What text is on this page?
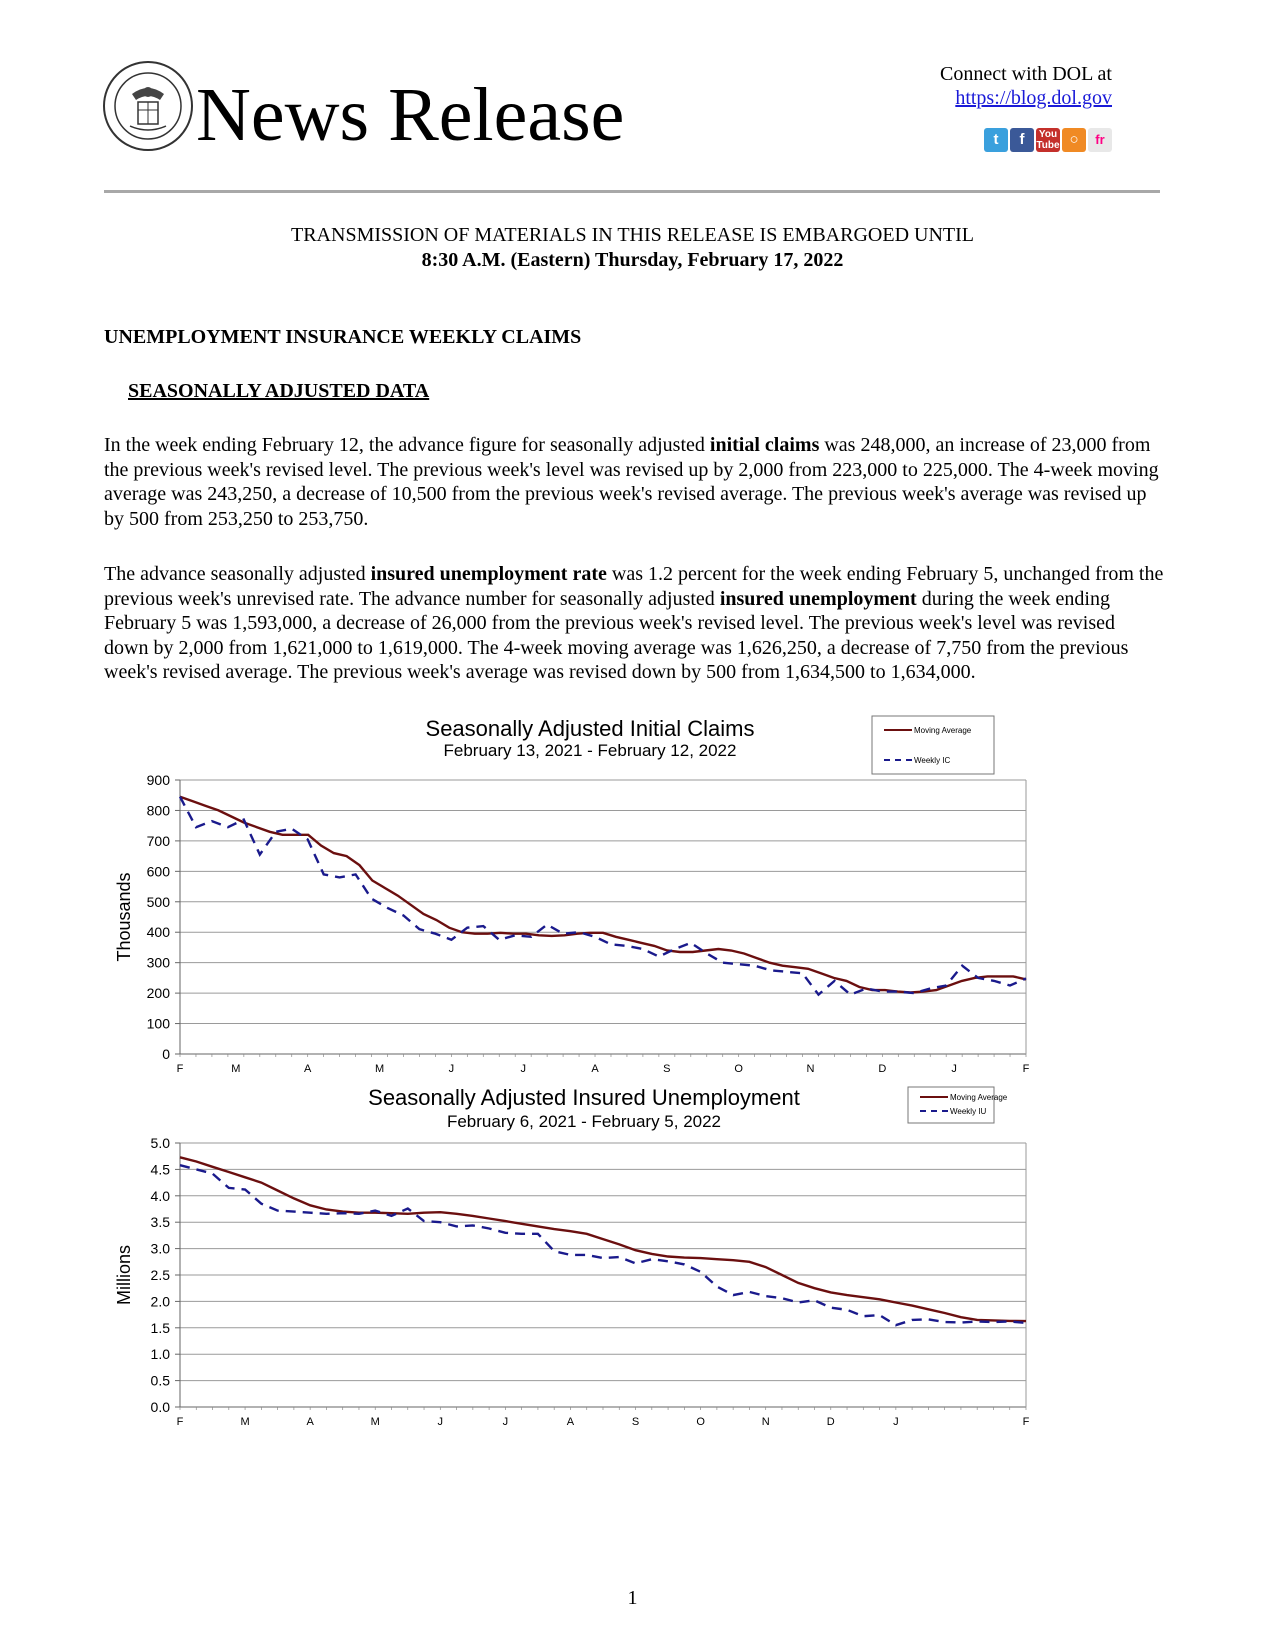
News Release	Connect with DOL at
https://blog.dol.gov
t	f	You
Tube ○	fr
TRANSMISSION OF MATERIALS IN THIS RELEASE IS EMBARGOED UNTIL
8:30 A.M. (Eastern) Thursday, February 17, 2022
UNEMPLOYMENT INSURANCE WEEKLY CLAIMS
SEASONALLY ADJUSTED DATA
In the week ending February 12, the advance figure for seasonally adjusted initial claims was 248,000, an increase of 23,000 from the previous week's revised level. The previous week's level was revised up by 2,000 from 223,000 to 225,000. The 4-week moving average was 243,250, a decrease of 10,500 from the previous week's revised average. The previous week's average was revised up by 500 from 253,250 to 253,750.
The advance seasonally adjusted insured unemployment rate was 1.2 percent for the week ending February 5, unchanged from the previous week's unrevised rate. The advance number for seasonally adjusted insured unemployment during the week ending February 5 was 1,593,000, a decrease of 26,000 from the previous week's revised level. The previous week's level was revised down by 2,000 from 1,621,000 to 1,619,000. The 4-week moving average was 1,626,250, a decrease of 7,750 from the previous week's revised average. The previous week's average was revised down by 500 from 1,634,500 to 1,634,000.
Seasonally Adjusted Initial Claims
February 13, 2021 - February 12, 2022
0
100
200
300
400
500
600
700
800
900
F	M	A	M	J	J	A	S	O	N	D	J	F
Thousands
Moving Average
Weekly IC
Seasonally Adjusted Insured Unemployment
February 6, 2021 - February 5, 2022
0.0
0.5
1.0
1.5
2.0
2.5
3.0
3.5
4.0
4.5
5.0
F	M	A	M	J	J	A	S	O	N	D	J	F
Millions
Moving Average
Weekly IU
1
